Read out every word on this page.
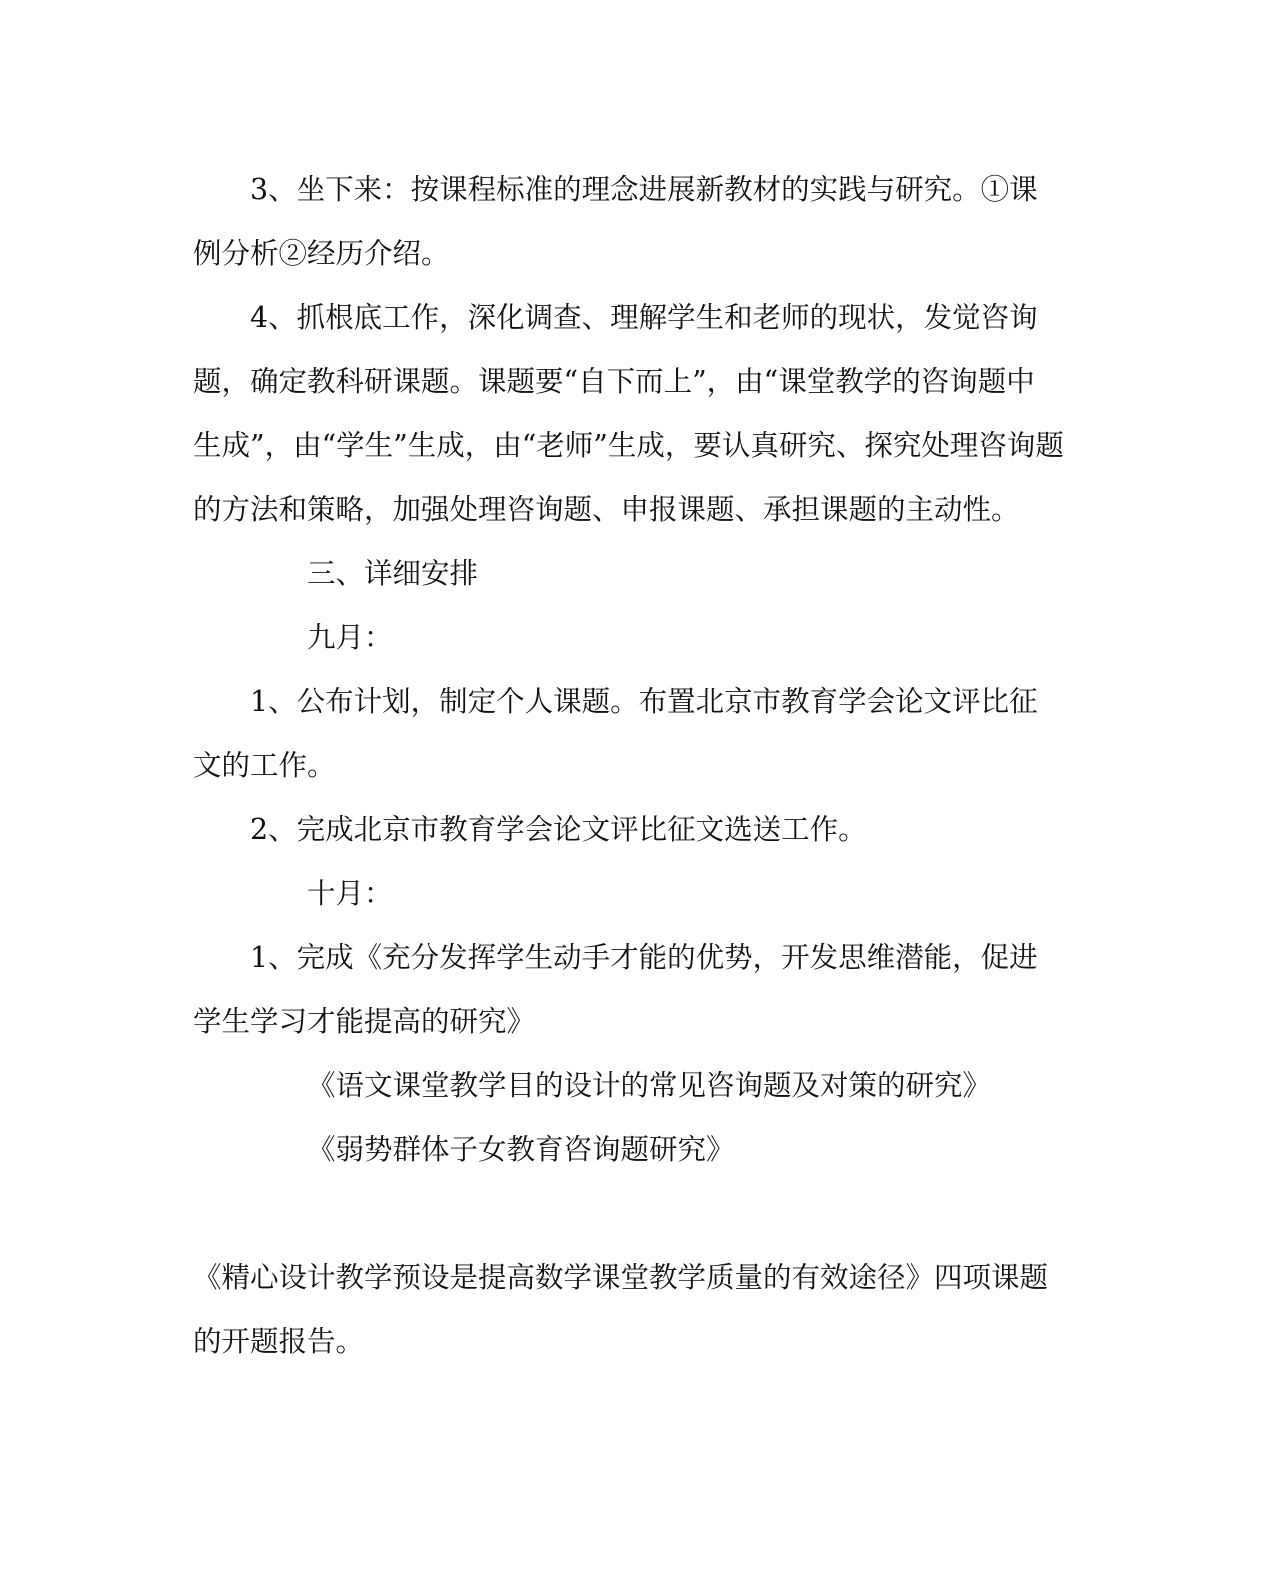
3、坐下来：按课程标准的理念进展新教材的实践与研究。①课

例分析②经历介绍。

4、抓根底工作，深化调查、理解学生和老师的现状，发觉咨询

题，确定教科研课题。课题要“自下而上”，由“课堂教学的咨询题中

生成”，由“学生”生成，由“老师”生成，要认真研究、探究处理咨询题

的方法和策略，加强处理咨询题、申报课题、承担课题的主动性。

三、详细安排

九月：

1、公布计划，制定个人课题。布置北京市教育学会论文评比征

文的工作。

2、完成北京市教育学会论文评比征文选送工作。

十月：

1、完成《充分发挥学生动手才能的优势，开发思维潜能，促进

学生学习才能提高的研究》

《语文课堂教学目的设计的常见咨询题及对策的研究》

《弱势群体子女教育咨询题研究》

《精心设计教学预设是提高数学课堂教学质量的有效途径》四项课题

的开题报告。
